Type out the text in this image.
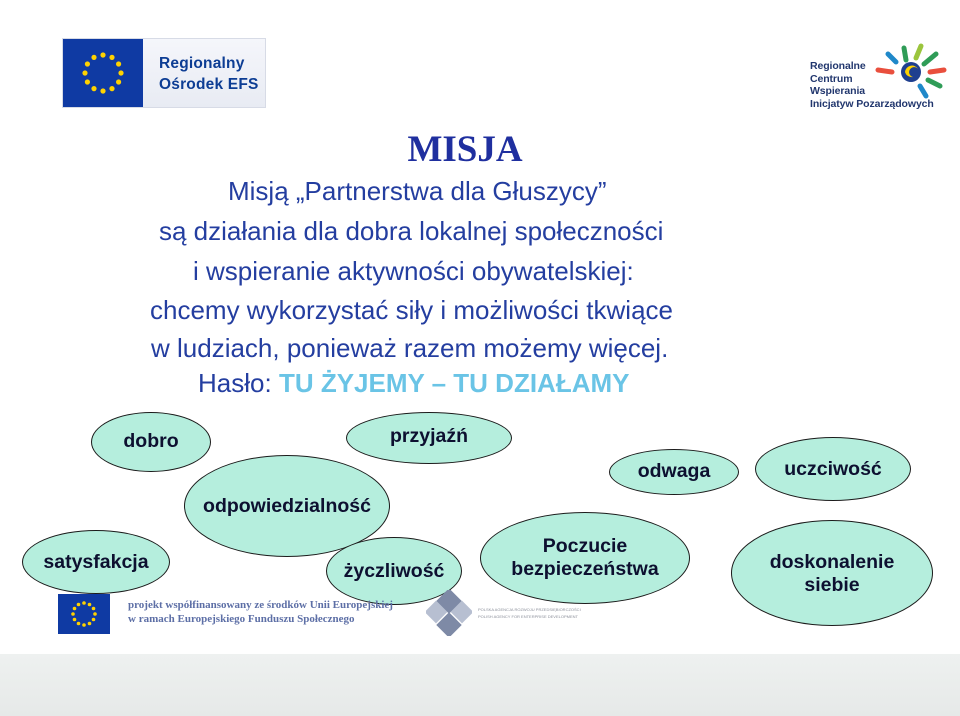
Regionalny
Ośrodek EFS
Regionalne
Centrum
Wspierania
Inicjatyw Pozarządowych
MISJA
Misją „Partnerstwa dla Głuszycy”
są działania dla dobra lokalnej społeczności
i wspieranie aktywności obywatelskiej:
chcemy wykorzystać siły i możliwości tkwiące
w ludziach, ponieważ razem możemy więcej.
Hasło: TU ŻYJEMY – TU DZIAŁAMY
dobro	przyjaźń
odwaga	uczciwość
odpowiedzialność
satysfakcja	życzliwość
Poczucie
bezpieczeństwa	doskonalenie
siebie
projekt współfinansowany ze środków Unii Europejskiej
w ramach Europejskiego Funduszu Społecznego
POLSKA AGENCJA ROZWOJU PRZEDSIĘBIORCZOŚCI
POLISH AGENCY FOR ENTERPRISE DEVELOPMENT
